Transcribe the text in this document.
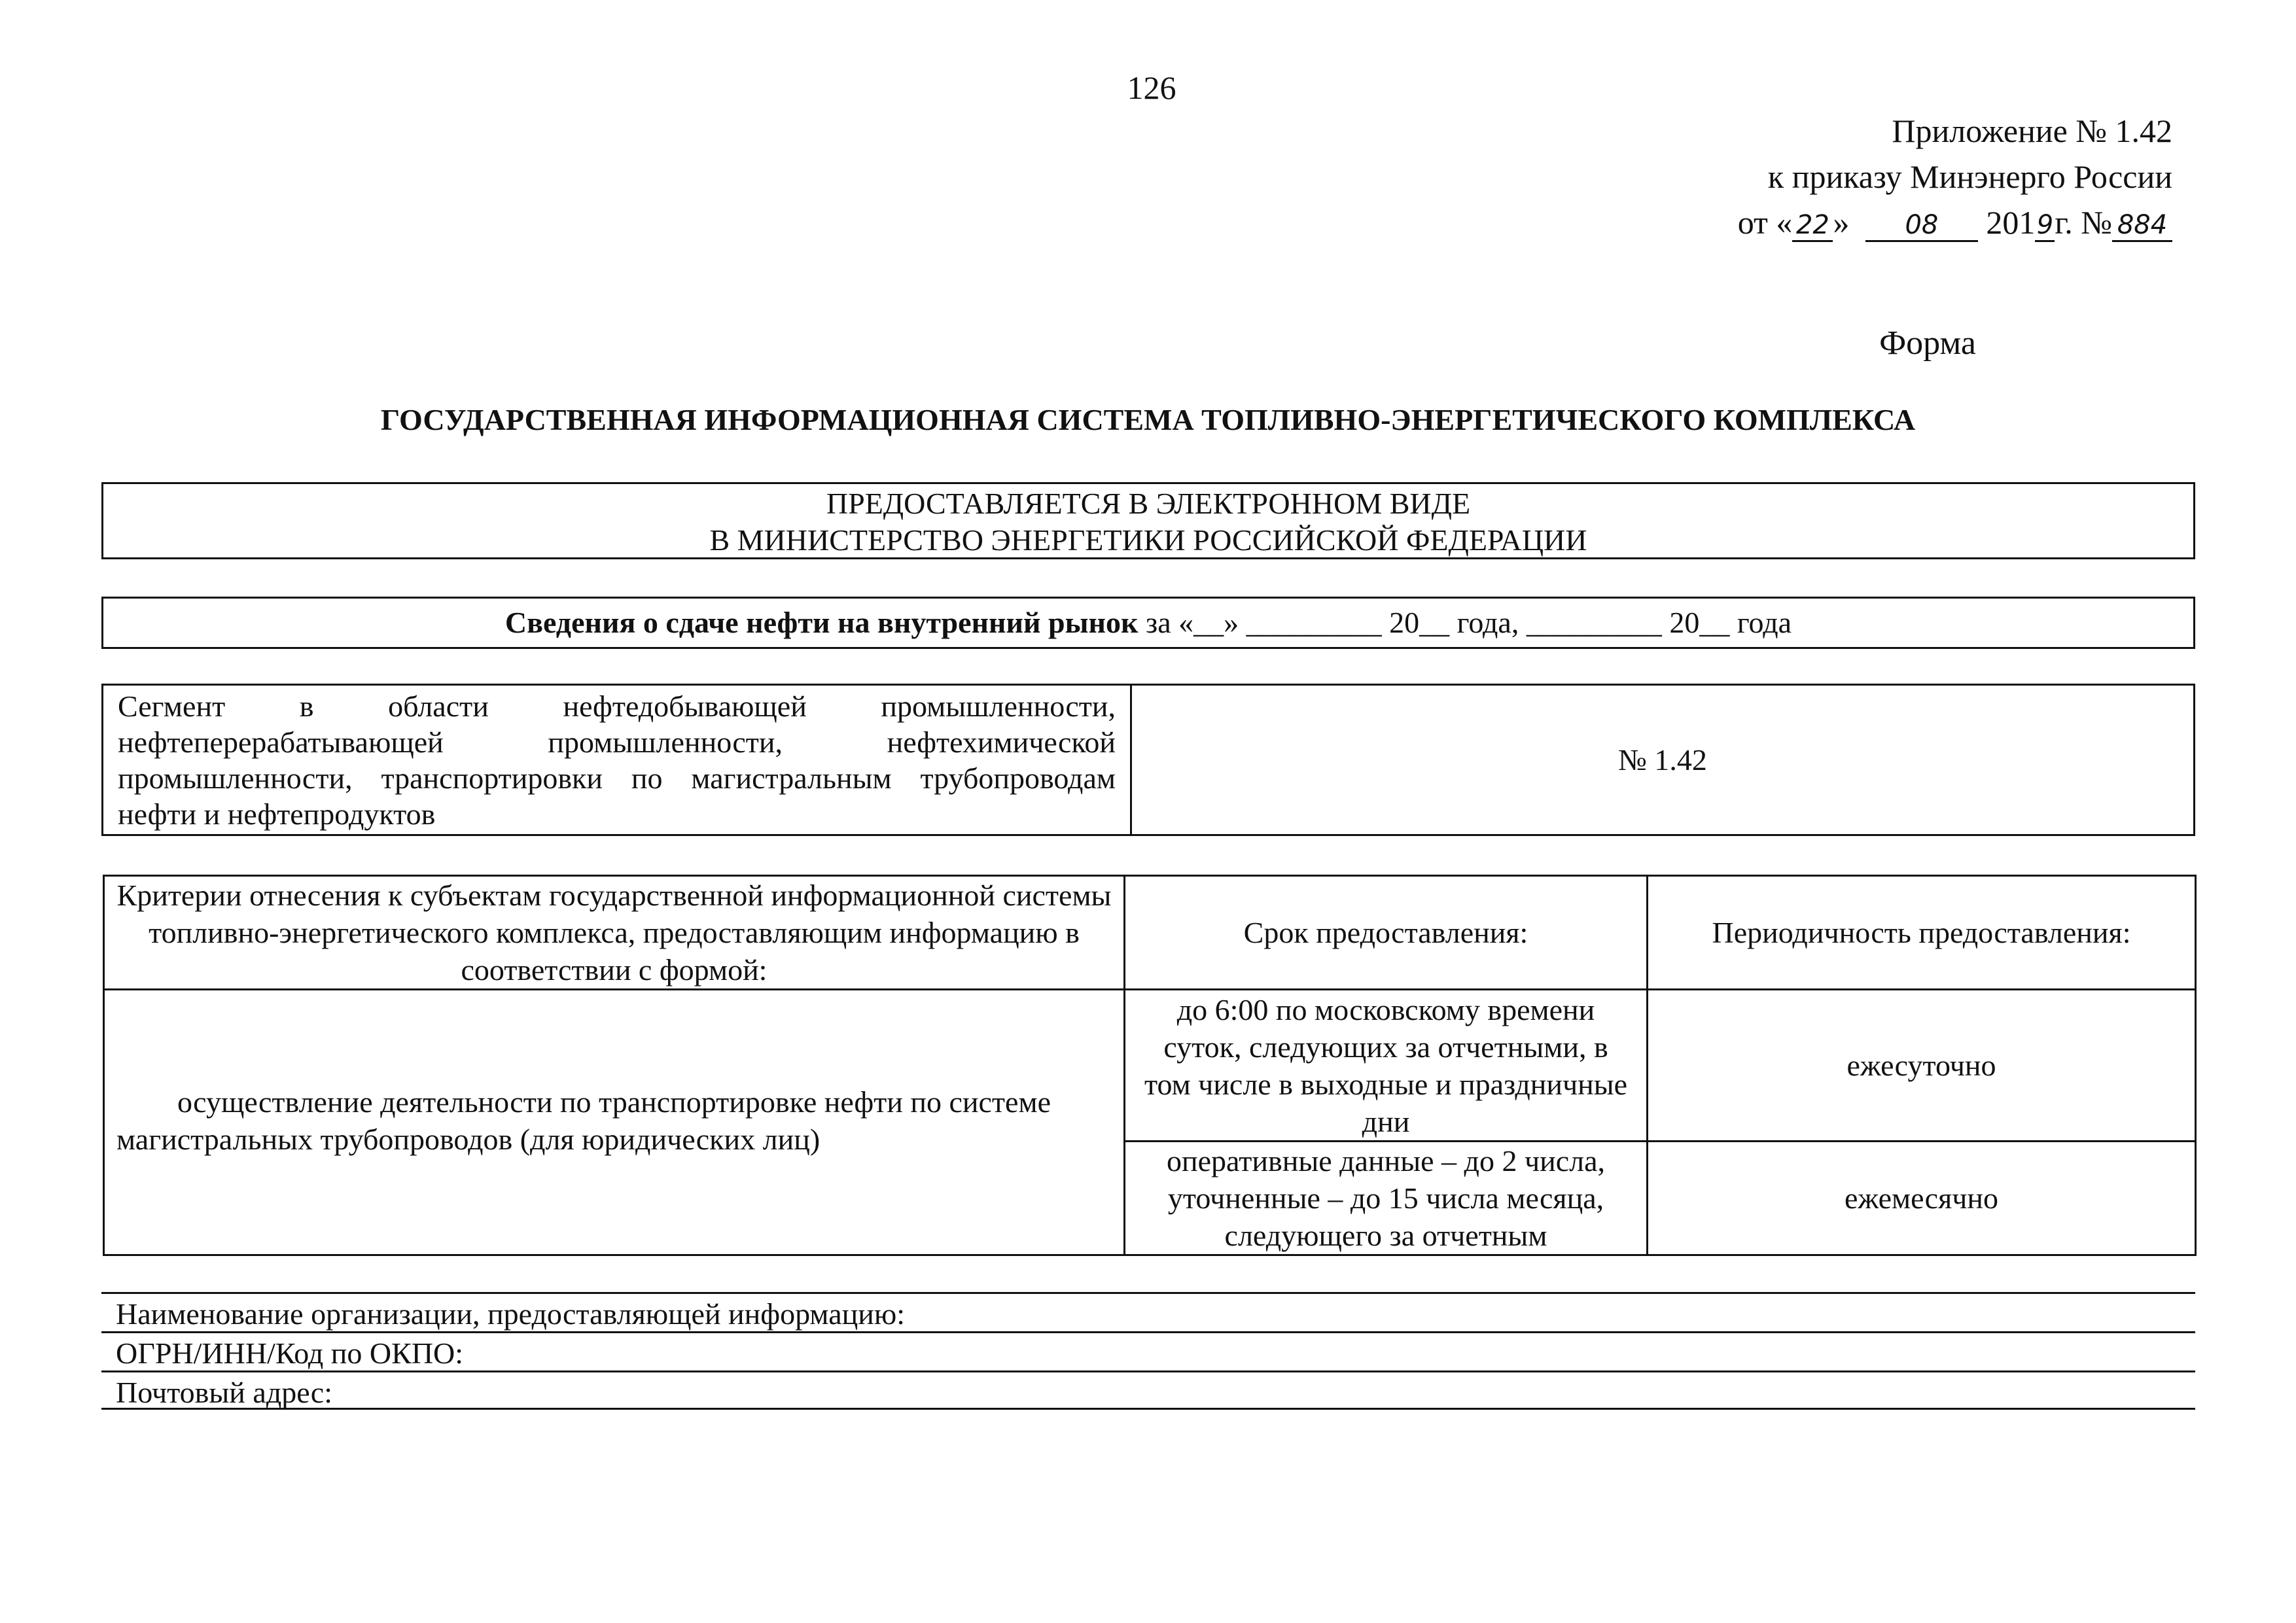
126
Приложение № 1.42
к приказу Минэнерго России
от « 22 » 08 2019г. № 884
Форма
ГОСУДАРСТВЕННАЯ ИНФОРМАЦИОННАЯ СИСТЕМА ТОПЛИВНО-ЭНЕРГЕТИЧЕСКОГО КОМПЛЕКСА
ПРЕДОСТАВЛЯЕТСЯ В ЭЛЕКТРОННОМ ВИДЕ
В МИНИСТЕРСТВО ЭНЕРГЕТИКИ РОССИЙСКОЙ ФЕДЕРАЦИИ
Сведения о сдаче нефти на внутренний рынок за «__» _________ 20__ года, _________ 20__ года
Сегмент в области нефтедобывающей промышленности, нефтеперерабатывающей промышленности, нефтехимической промышленности, транспортировки по магистральным трубопроводам нефти и нефтепродуктов	№ 1.42
Критерии отнесения к субъектам государственной информационной системы топливно-энергетического комплекса, предоставляющим информацию в соответствии с формой:	Срок предоставления:	Периодичность предоставления:
осуществление деятельности по транспортировке нефти по системе магистральных трубопроводов (для юридических лиц)	до 6:00 по московскому времени суток, следующих за отчетными, в том числе в выходные и праздничные дни	ежесуточно
	оперативные данные – до 2 числа, уточненные – до 15 числа месяца, следующего за отчетным	ежемесячно
Наименование организации, предоставляющей информацию:
ОГРН/ИНН/Код по ОКПО:
Почтовый адрес:
